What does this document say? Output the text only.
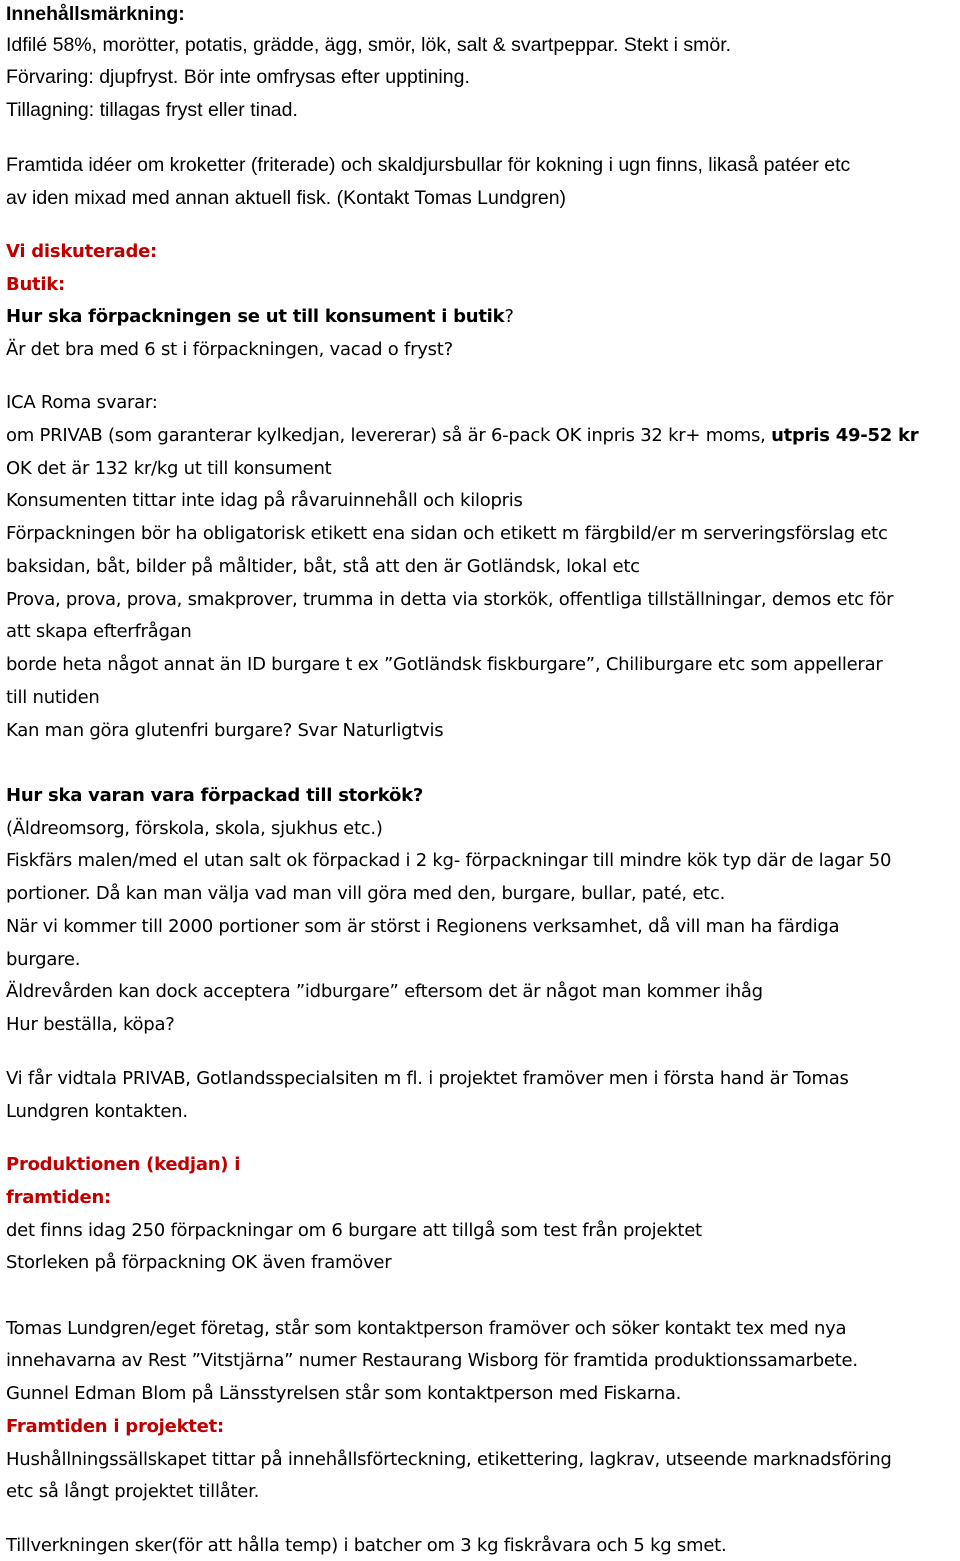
Innehållsmärkning:
Idfilé 58%, morötter, potatis, grädde, ägg, smör, lök, salt & svartpeppar. Stekt i smör.
Förvaring: djupfryst. Bör inte omfrysas efter upptining.
Tillagning: tillagas fryst eller tinad.
Framtida idéer om kroketter (friterade) och skaldjursbullar för kokning i ugn finns, likaså patéer etc
av iden mixad med annan aktuell fisk. (Kontakt Tomas Lundgren)
Vi diskuterade:
Butik:
Hur ska förpackningen se ut till konsument i butik?
Är det bra med 6 st i förpackningen, vacad o fryst?
ICA Roma svarar:
om PRIVAB (som garanterar kylkedjan, levererar) så är 6-pack OK inpris 32 kr+ moms, utpris 49-52 kr
OK det är 132 kr/kg ut till konsument
Konsumenten tittar inte idag på råvaruinnehåll och kilopris
Förpackningen bör ha obligatorisk etikett ena sidan och etikett m färgbild/er m serveringsförslag etc
baksidan, båt, bilder på måltider, båt, stå att den är Gotländsk, lokal etc
Prova, prova, prova, smakprover, trumma in detta via storkök, offentliga tillställningar, demos etc för
att skapa efterfrågan
borde heta något annat än ID burgare t ex ”Gotländsk fiskburgare”, Chiliburgare etc som appellerar
till nutiden
Kan man göra glutenfri burgare? Svar Naturligtvis
Hur ska varan vara förpackad till storkök?
(Äldreomsorg, förskola, skola, sjukhus etc.)
Fiskfärs malen/med el utan salt ok förpackad i 2 kg- förpackningar till mindre kök typ där de lagar 50
portioner. Då kan man välja vad man vill göra med den, burgare, bullar, paté, etc.
När vi kommer till 2000 portioner som är störst i Regionens verksamhet, då vill man ha färdiga
burgare.
Äldrevården kan dock acceptera ”idburgare” eftersom det är något man kommer ihåg
Hur beställa, köpa?
Vi får vidtala PRIVAB, Gotlandsspecialsiten m fl. i projektet framöver men i första hand är Tomas
Lundgren kontakten.
Produktionen (kedjan) i
framtiden:
det finns idag 250 förpackningar om 6 burgare att tillgå som test från projektet
Storleken på förpackning OK även framöver
Tomas Lundgren/eget företag, står som kontaktperson framöver och söker kontakt tex med nya
innehavarna av Rest ”Vitstjärna” numer Restaurang Wisborg för framtida produktionssamarbete.
Gunnel Edman Blom på Länsstyrelsen står som kontaktperson med Fiskarna.
Framtiden i projektet:
Hushållningssällskapet tittar på innehållsförteckning, etikettering, lagkrav, utseende marknadsföring
etc så långt projektet tillåter.
Tillverkningen sker(för att hålla temp) i batcher om 3 kg fiskråvara och 5 kg smet.
